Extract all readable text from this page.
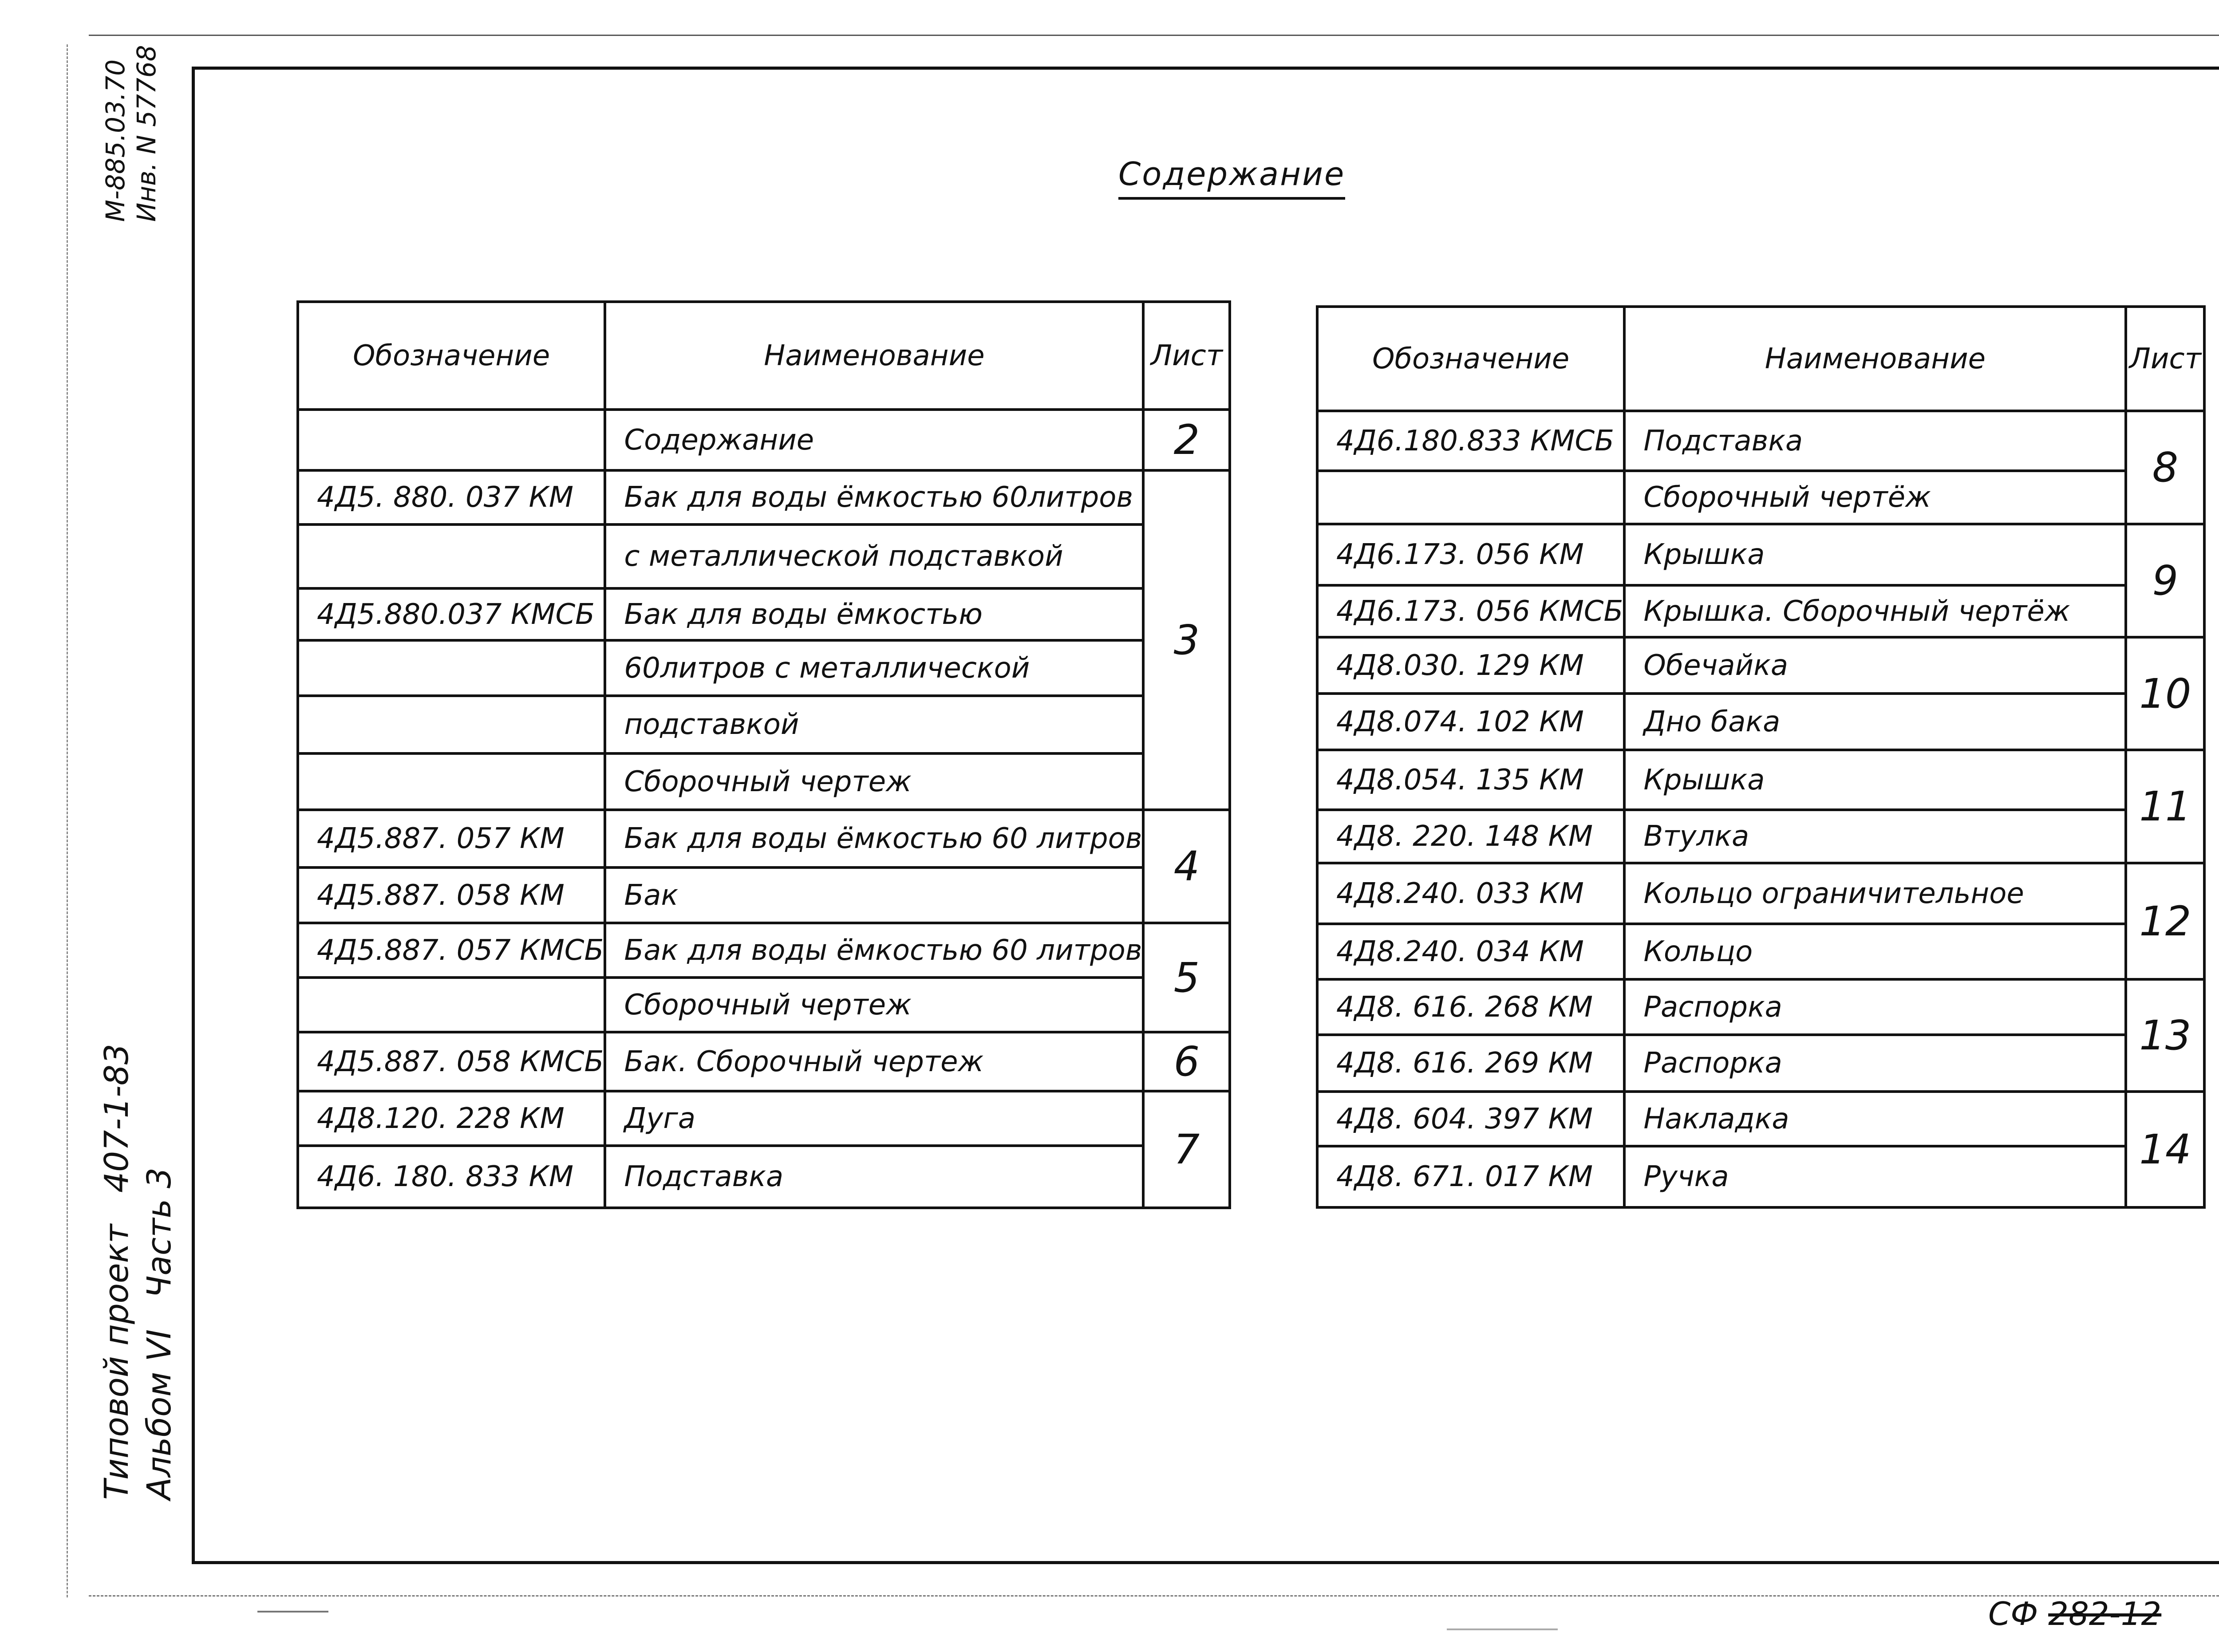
Содержание
М-885.03.70 Инв. N 57768
Типовой проект   407-1-83 Альбом VI   Часть 3
Обозначение	Наименование	Лист
	Содержание	2
4Д5. 880. 037 КМ	Бак для воды ёмкостью 60литров	3
	с металлической подставкой	
4Д5.880.037 КМСБ	Бак для воды ёмкостью	
	60литров с металлической	
	подставкой	
	Сборочный чертеж	
4Д5.887. 057 КМ	Бак для воды ёмкостью 60 литров	4
4Д5.887. 058 КМ	Бак	
4Д5.887. 057 КМСБ	Бак для воды ёмкостью 60 литров	5
	Сборочный чертеж	
4Д5.887. 058 КМСБ	Бак. Сборочный чертеж	6
4Д8.120. 228 КМ	Дуга	7
4Д6. 180. 833 КМ	Подставка	
Обозначение	Наименование	Лист
4Д6.180.833 КМСБ	Подставка	8
	Сборочный чертёж	
4Д6.173. 056 КМ	Крышка	9
4Д6.173. 056 КМСБ	Крышка. Сборочный чертёж	
4Д8.030. 129 КМ	Обечайка	10
4Д8.074. 102 КМ	Дно бака	
4Д8.054. 135 КМ	Крышка	11
4Д8. 220. 148 КМ	Втулка	
4Д8.240. 033 КМ	Кольцо ограничительное	12
4Д8.240. 034 КМ	Кольцо	
4Д8. 616. 268 КМ	Распорка	13
4Д8. 616. 269 КМ	Распорка	
4Д8. 604. 397 КМ	Накладка	14
4Д8. 671. 017 КМ	Ручка	
СФ 282-12
